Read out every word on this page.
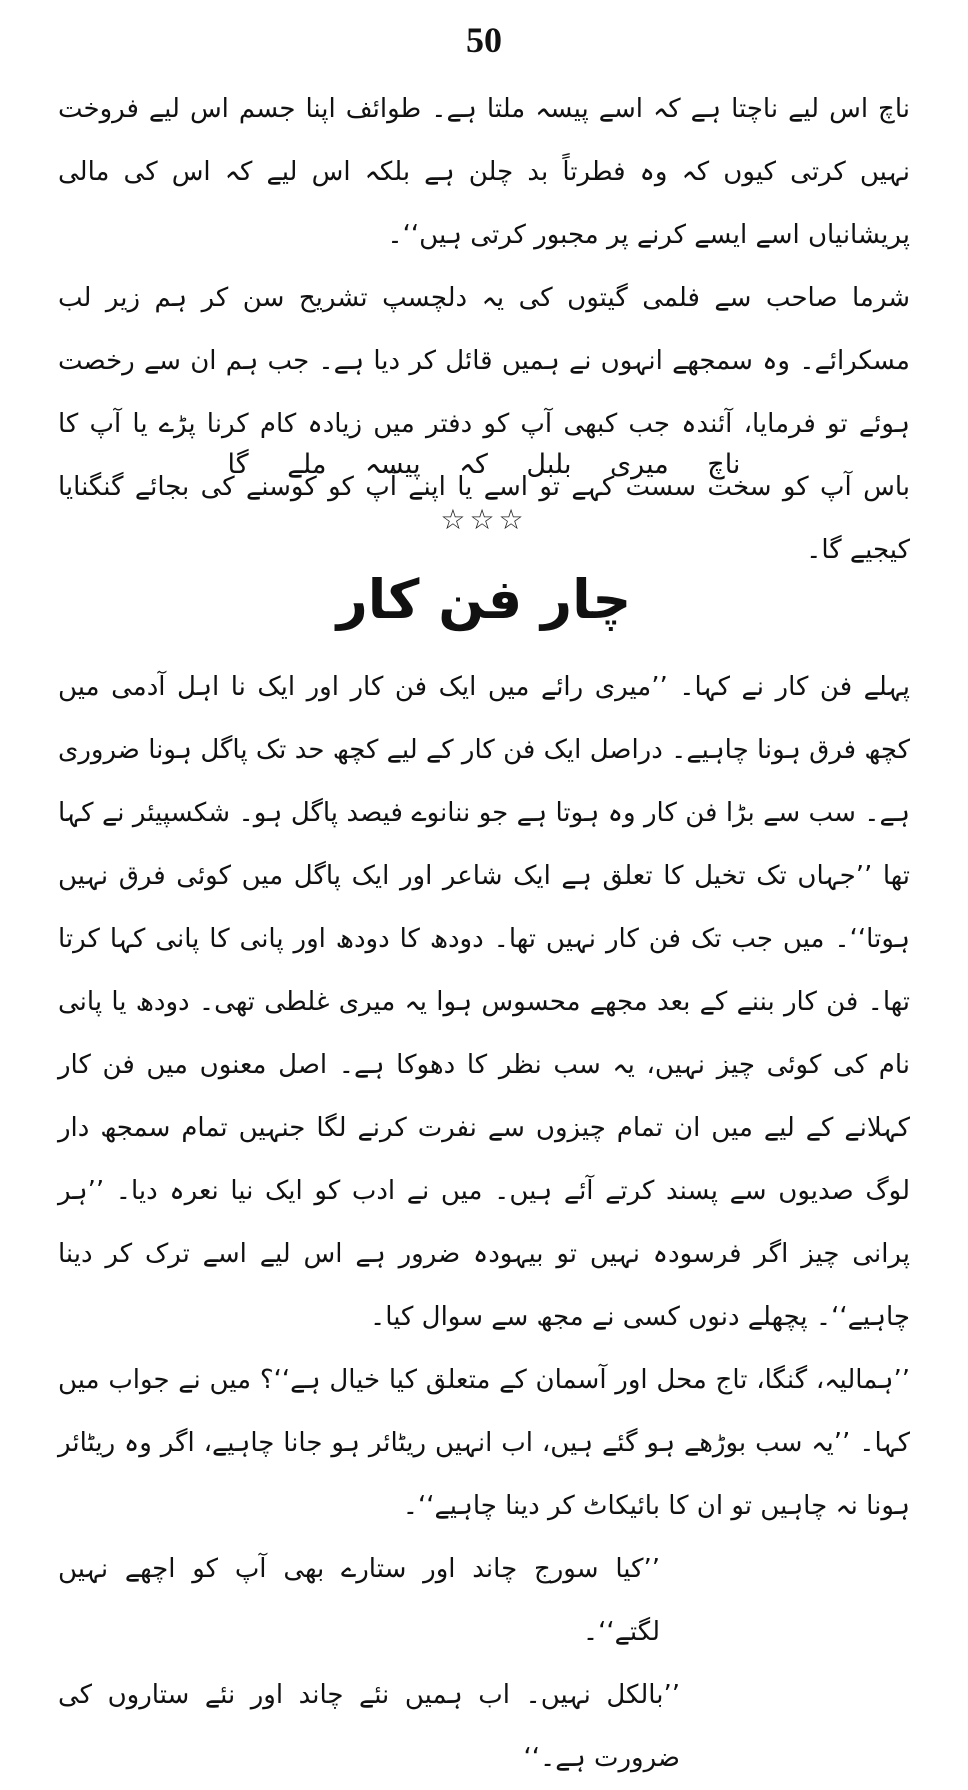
50

ناچ اس لیے ناچتا ہے کہ اسے پیسہ ملتا ہے۔ طوائف اپنا جسم اس لیے فروخت نہیں کرتی کیوں کہ وہ فطرتاً بد چلن ہے بلکہ اس لیے کہ اس کی مالی پریشانیاں اسے ایسے کرنے پر مجبور کرتی ہیں‘‘۔

شرما صاحب سے فلمی گیتوں کی یہ دلچسپ تشریح سن کر ہم زیر لب مسکرائے۔ وہ سمجھے انہوں نے ہمیں قائل کر دیا ہے۔ جب ہم ان سے رخصت ہوئے تو فرمایا، آئندہ جب کبھی آپ کو دفتر میں زیادہ کام کرنا پڑے یا آپ کا باس آپ کو سخت سست کہے تو اسے یا اپنے آپ کو کوسنے کی بجائے گنگنایا کیجیے گا۔

ناچ میری بلبل کہ پیسہ ملے گا
☆☆☆
چار فن کار

پہلے فن کار نے کہا۔ ’’میری رائے میں ایک فن کار اور ایک نا اہل آدمی میں کچھ فرق ہونا چاہیے۔ دراصل ایک فن کار کے لیے کچھ حد تک پاگل ہونا ضروری ہے۔ سب سے بڑا فن کار وہ ہوتا ہے جو ننانوے فیصد پاگل ہو۔ شکسپیئر نے کہا تھا ’’جہاں تک تخیل کا تعلق ہے ایک شاعر اور ایک پاگل میں کوئی فرق نہیں ہوتا‘‘۔ میں جب تک فن کار نہیں تھا۔ دودھ کا دودھ اور پانی کا پانی کہا کرتا تھا۔ فن کار بننے کے بعد مجھے محسوس ہوا یہ میری غلطی تھی۔ دودھ یا پانی نام کی کوئی چیز نہیں، یہ سب نظر کا دھوکا ہے۔ اصل معنوں میں فن کار کہلانے کے لیے میں ان تمام چیزوں سے نفرت کرنے لگا جنہیں تمام سمجھ دار لوگ صدیوں سے پسند کرتے آئے ہیں۔ میں نے ادب کو ایک نیا نعرہ دیا۔ ’’ہر پرانی چیز اگر فرسودہ نہیں تو بیہودہ ضرور ہے اس لیے اسے ترک کر دینا چاہیے‘‘۔ پچھلے دنوں کسی نے مجھ سے سوال کیا۔

’’ہمالیہ، گنگا، تاج محل اور آسمان کے متعلق کیا خیال ہے‘‘؟ میں نے جواب میں کہا۔ ’’یہ سب بوڑھے ہو گئے ہیں، اب انہیں ریٹائر ہو جانا چاہیے، اگر وہ ریٹائر ہونا نہ چاہیں تو ان کا بائیکاٹ کر دینا چاہیے‘‘۔

’’کیا سورج چاند اور ستارے بھی آپ کو اچھے نہیں لگتے‘‘۔

’’بالکل نہیں۔ اب ہمیں نئے چاند اور نئے ستاروں کی ضرورت ہے۔‘‘
